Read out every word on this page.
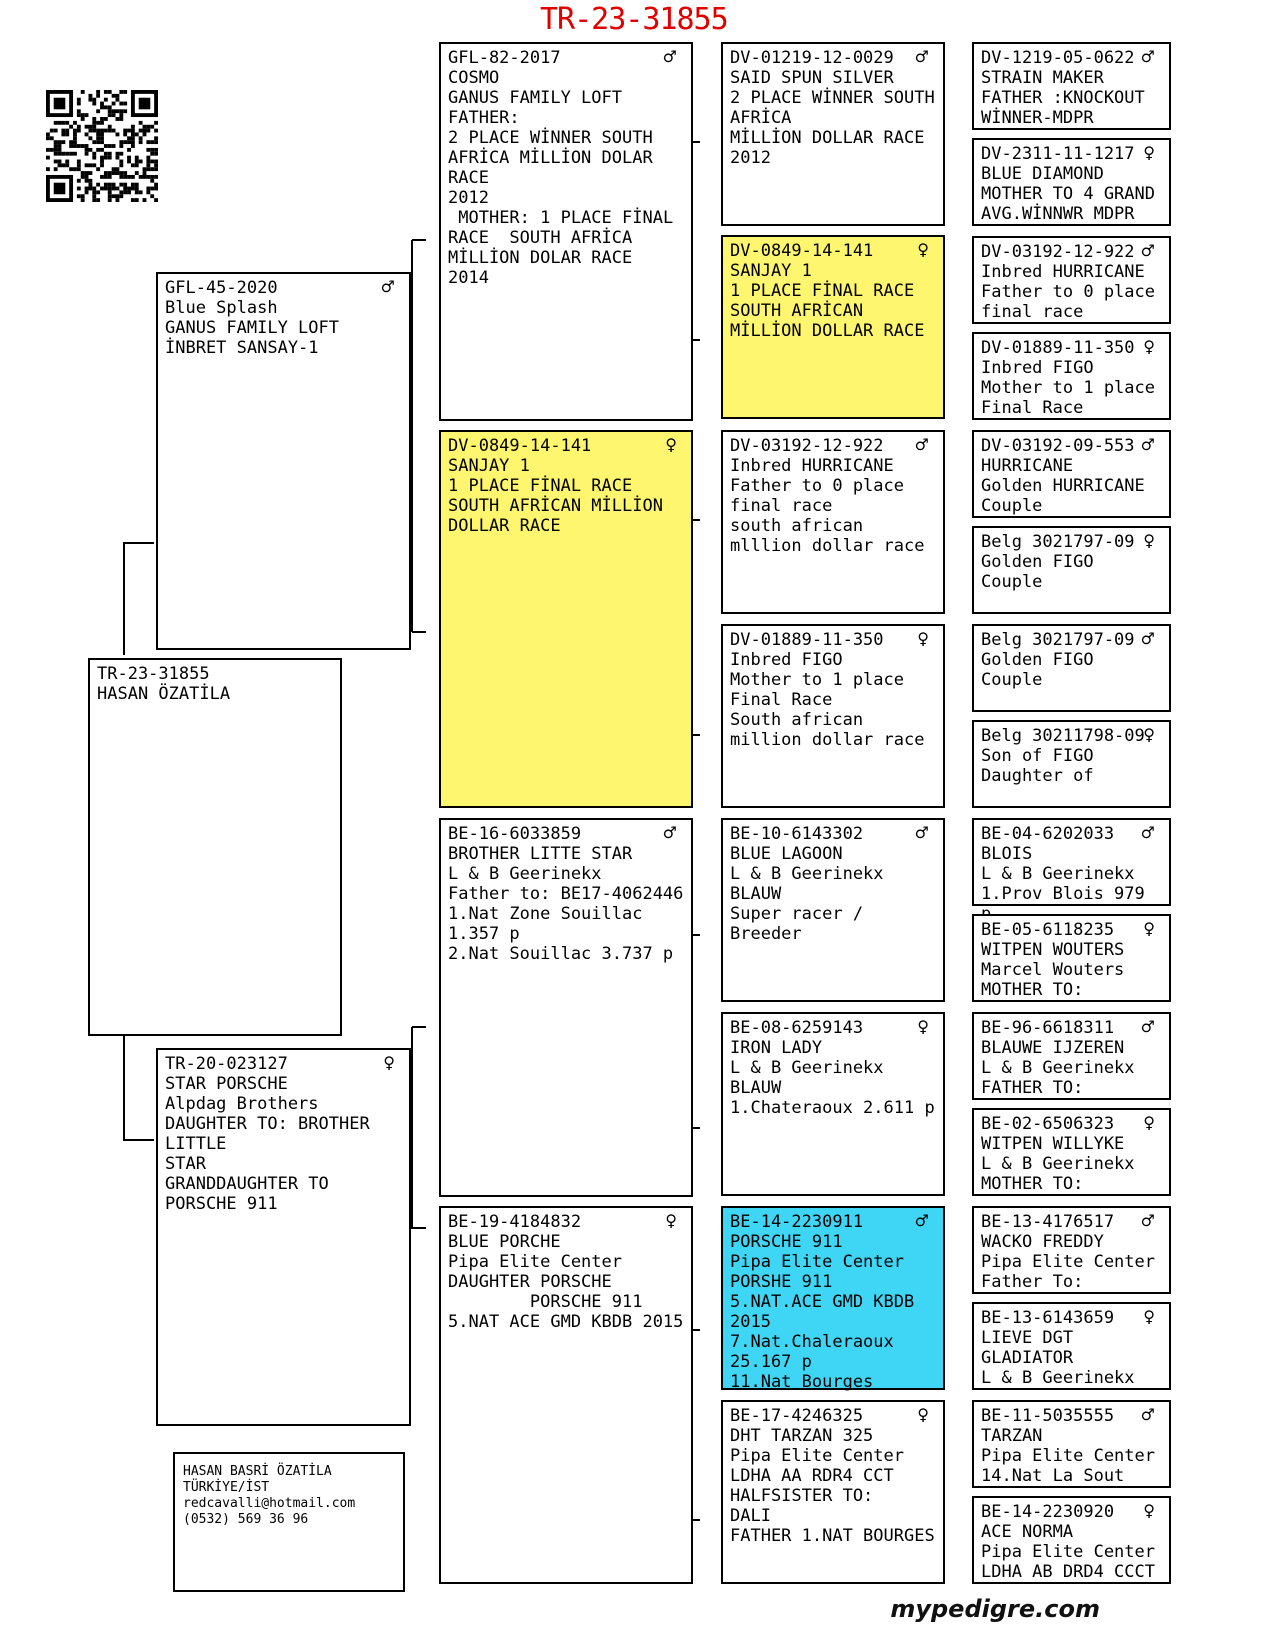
TR-23-31855

TR-23-31855

HASAN ÖZATİLA

GFL-45-2020

Blue Splash

GANUS FAMILY LOFT

İNBRET SANSAY-1

♂

TR-20-023127

STAR PORSCHE

Alpdag Brothers

DAUGHTER TO: BROTHER

LITTLE

STAR

GRANDDAUGHTER TO

PORSCHE 911

♀

GFL-82-2017

COSMO

GANUS FAMILY LOFT

FATHER:

2 PLACE WİNNER SOUTH

AFRİCA MİLLİON DOLAR

RACE

2012

MOTHER: 1 PLACE FİNAL

RACE  SOUTH AFRİCA

MİLLİON DOLAR RACE

2014

♂

DV-0849-14-141

SANJAY 1

1 PLACE FİNAL RACE

SOUTH AFRİCAN MİLLİON

DOLLAR RACE

♀

BE-16-6033859

BROTHER LITTE STAR

L & B Geerinekx

Father to: BE17-4062446

1.Nat Zone Souillac

1.357 p

2.Nat Souillac 3.737 p

♂

BE-19-4184832

BLUE PORCHE

Pipa Elite Center

DAUGHTER PORSCHE

PORSCHE 911

5.NAT ACE GMD KBDB 2015

♀

DV-01219-12-0029

SAID SPUN SILVER

2 PLACE WİNNER SOUTH

AFRİCA

MİLLİON DOLLAR RACE

2012

♂

DV-0849-14-141

SANJAY 1

1 PLACE FİNAL RACE

SOUTH AFRİCAN

MİLLİON DOLLAR RACE

♀

DV-03192-12-922

Inbred HURRICANE

Father to 0 place

final race

south african

mlllion dollar race

♂

DV-01889-11-350

Inbred FIGO

Mother to 1 place

Final Race

South african

million dollar race

♀

BE-10-6143302

BLUE LAGOON

L & B Geerinekx

BLAUW

Super racer /

Breeder

♂

BE-08-6259143

IRON LADY

L & B Geerinekx

BLAUW

1.Chateraoux 2.611 p

♀

BE-14-2230911

PORSCHE 911

Pipa Elite Center

PORSHE 911

5.NAT.ACE GMD KBDB

2015

7.Nat.Chaleraoux

25.167 p

11.Nat Bourges

♂

BE-17-4246325

DHT TARZAN 325

Pipa Elite Center

LDHA AA RDR4 CCT

HALFSISTER TO:

DALI

FATHER 1.NAT BOURGES

♀

DV-1219-05-0622

STRAIN MAKER

FATHER :KNOCKOUT

WİNNER-MDPR

♂

DV-2311-11-1217

BLUE DIAMOND

MOTHER TO 4 GRAND

AVG.WİNNWR MDPR

♀

DV-03192-12-922

Inbred HURRICANE

Father to 0 place

final race

♂

DV-01889-11-350

Inbred FIGO

Mother to 1 place

Final Race

♀

DV-03192-09-553

HURRICANE

Golden HURRICANE

Couple

♂

Belg 3021797-09

Golden FIGO Couple

♀

Belg 3021797-09

Golden FIGO Couple

♂

Belg 30211798-09

Son of FIGO

Daughter of

♀

BE-04-6202033

BLOIS

L & B Geerinekx

1.Prov Blois 979

♂

BE-05-6118235

WITPEN WOUTERS

Marcel Wouters

MOTHER TO:

♀

BE-96-6618311

BLAUWE IJZEREN

L & B Geerinekx

FATHER TO:

♂

BE-02-6506323

WITPEN WILLYKE

L & B Geerinekx

MOTHER TO:

♀

BE-13-4176517

WACKO FREDDY

Pipa Elite Center

Father To:

♂

BE-13-6143659

LIEVE DGT

GLADIATOR

L & B Geerinekx

♀

BE-11-5035555

TARZAN

Pipa Elite Center

14.Nat La Sout

♂

BE-14-2230920

ACE NORMA

Pipa Elite Center

LDHA AB DRD4 CCCT

♀

HASAN BASRİ ÖZATİLA

TÜRKİYE/İST

redcavalli@hotmail.com

(0532) 569 36 96

mypedigre.com
